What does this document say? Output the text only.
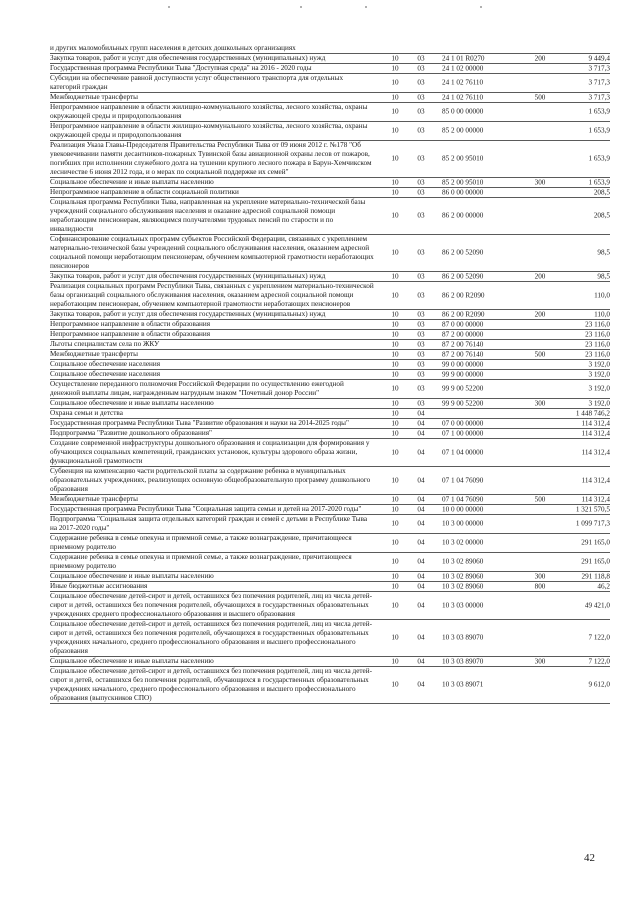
и других маломобильных групп населения в детских дошкольных организациях
Закупка товаров, работ и услуг для обеспечения государственных (муниципальных) нужд	10	03	24 1 01 R0270	200	9 449,4
Государственная программа Республики Тыва "Доступная среда" на 2016 - 2020 годы	10	03	24 1 02 00000	3 717,3
Субсидии на обеспечение равной доступности услуг общественного транспорта для отдельных категорий граждан
10	03	24 1 02 76110	3 717,3
Межбюджетные трансферты	10	03	24 1 02 76110	500	3 717,3
Непрограммное направление в области жилищно-коммунального хозяйства, лесного хозяйства, охраны окружающей среды и природопользования
10	03	85 0 00 00000	1 653,9
Непрограммное направление в области жилищно-коммунального хозяйства, лесного хозяйства, охраны окружающей среды и природопользования
10	03	85 2 00 00000	1 653,9
Реализация Указа Главы-Председателя Правительства Республики Тыва от 09 июня 2012 г. №178 "Об увековечивании памяти десантников-пожарных Тувинской базы авиационной охраны лесов от пожаров, погибших при исполнении служебного долга на тушении крупного лесного пожара в Барун-Хемчикском лесничестве 6 июня 2012 года, и о мерах по социальной поддержке их семей"
10	03	85 2 00 95010	1 653,9
Социальное обеспечение и иные выплаты населению	10	03	85 2 00 95010	300	1 653,9
Непрограммное направление в области социальной политики	10	03	86 0 00 00000	208,5
Социальная программа Республики Тыва, направленная на укрепление материально-технической базы учреждений социального обслуживания населения и оказание адресной социальной помощи неработающим пенсионерам, являющимся получателями трудовых пенсий по старости и по инвалидности
10	03	86 2 00 00000	208,5
Софинансирование социальных программ субъектов Российской Федерации, связанных с укреплением материально-технической базы учреждений социального обслуживания населения, оказанием адресной социальной помощи неработающим пенсионерам, обучением компьютерной грамотности неработающих пенсионеров
10	03	86 2 00 52090	98,5
Закупка товаров, работ и услуг для обеспечения государственных (муниципальных) нужд	10	03	86 2 00 52090	200	98,5
Реализация социальных программ Республики Тыва, связанных с укреплением материально-технической базы организаций социального обслуживания населения, оказанием адресной социальной помощи неработающим пенсионерам, обучением компьютерной грамотности неработающих пенсионеров
10	03	86 2 00 R2090	110,0
Закупка товаров, работ и услуг для обеспечения государственных (муниципальных) нужд	10	03	86 2 00 R2090	200	110,0
Непрограммное направление в области образования	10	03	87 0 00 00000	23 116,0
Непрограммное направление в области образования	10	03	87 2 00 00000	23 116,0
Льготы специалистам села по ЖКУ	10	03	87 2 00 76140	23 116,0
Межбюджетные трансферты	10	03	87 2 00 76140	500	23 116,0
Социальное обеспечение населения	10	03	99 0 00 00000	3 192,0
Социальное обеспечение населения	10	03	99 9 00 00000	3 192,0
Осуществление переданного полномочия Российской Федерации по осуществлению ежегодной денежной выплаты лицам, награжденным нагрудным знаком "Почетный донор России"
10	03	99 9 00 52200	3 192,0
Социальное обеспечение и иные выплаты населению	10	03	99 9 00 52200	300	3 192,0
Охрана семьи и детства	10	04	1 448 746,2
Государственная программа Республики Тыва "Развитие образования и науки на 2014-2025 годы"	10	04	07 0 00 00000	114 312,4
Подпрограмма "Развитие дошкольного образования"	10	04	07 1 00 00000	114 312,4
Создание современной инфраструктуры дошкольного образования и социализации для формирования у обучающихся социальных компетенций, гражданских установок, культуры здорового образа жизни, функциональной грамотности
10	04	07 1 04 00000	114 312,4
Субвенция на компенсацию части родительской платы за содержание ребенка в муниципальных образовательных учреждениях, реализующих основную общеобразовательную программу дошкольного образования
10	04	07 1 04 76090	114 312,4
Межбюджетные трансферты	10	04	07 1 04 76090	500	114 312,4
Государственная программа Республики Тыва "Социальная защита семьи и детей на 2017-2020 годы"	10	04	10 0 00 00000	1 321 570,5
Подпрограмма "Социальная защита отдельных категорий граждан и семей с детьми в Республике Тыва на 2017-2020 годы"
10	04	10 3 00 00000	1 099 717,3
Содержание ребенка в семье опекуна и приемной семье, а также вознаграждение, причитающееся приемному родителю
10	04	10 3 02 00000	291 165,0
Содержание ребенка в семье опекуна и приемной семье, а также вознаграждение, причитающееся приемному родителю
10	04	10 3 02 89060	291 165,0
Социальное обеспечение и иные выплаты населению	10	04	10 3 02 89060	300	291 118,8
Иные бюджетные ассигнования	10	04	10 3 02 89060	800	46,2
Социальное обеспечение детей-сирот и детей, оставшихся без попечения родителей, лиц из числа детей-сирот и детей, оставшихся без попечения родителей, обучающихся в государственных образовательных учреждениях среднего профессионального образования и высшего образования
10	04	10 3 03 00000	49 421,0
Социальное обеспечение детей-сирот и детей, оставшихся без попечения родителей, лиц из числа детей-сирот и детей, оставшихся без попечения родителей, обучающихся в государственных образовательных учреждениях начального, среднего профессионального образования и высшего профессионального образования
10	04	10 3 03 89070	7 122,0
Социальное обеспечение и иные выплаты населению	10	04	10 3 03 89070	300	7 122,0
Социальное обеспечение детей-сирот и детей, оставшихся без попечения родителей, лиц из числа детей-сирот и детей, оставшихся без попечения родителей, обучающихся в государственных образовательных учреждениях начального, среднего профессионального образования и высшего профессионального образования (выпускников СПО)
10	04	10 3 03 89071	9 612,0
42
